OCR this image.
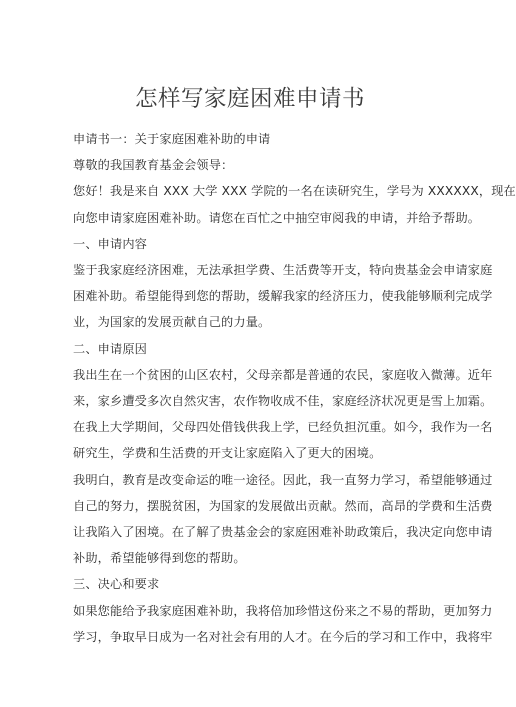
怎样写家庭困难申请书

申请书一：关于家庭困难补助的申请

尊敬的我国教育基金会领导：

您好！我是来自 XXX 大学 XXX 学院的一名在读研究生，学号为 XXXXXX，现在

向您申请家庭困难补助。请您在百忙之中抽空审阅我的申请，并给予帮助。

一、申请内容

鉴于我家庭经济困难，无法承担学费、生活费等开支，特向贵基金会申请家庭

困难补助。希望能得到您的帮助，缓解我家的经济压力，使我能够顺利完成学

业，为国家的发展贡献自己的力量。

二、申请原因

我出生在一个贫困的山区农村，父母亲都是普通的农民，家庭收入微薄。近年

来，家乡遭受多次自然灾害，农作物收成不佳，家庭经济状况更是雪上加霜。

在我上大学期间，父母四处借钱供我上学，已经负担沉重。如今，我作为一名

研究生，学费和生活费的开支让家庭陷入了更大的困境。

我明白，教育是改变命运的唯一途径。因此，我一直努力学习，希望能够通过

自己的努力，摆脱贫困，为国家的发展做出贡献。然而，高昂的学费和生活费

让我陷入了困境。在了解了贵基金会的家庭困难补助政策后，我决定向您申请

补助，希望能够得到您的帮助。

三、决心和要求

如果您能给予我家庭困难补助，我将倍加珍惜这份来之不易的帮助，更加努力

学习，争取早日成为一名对社会有用的人才。在今后的学习和工作中，我将牢
